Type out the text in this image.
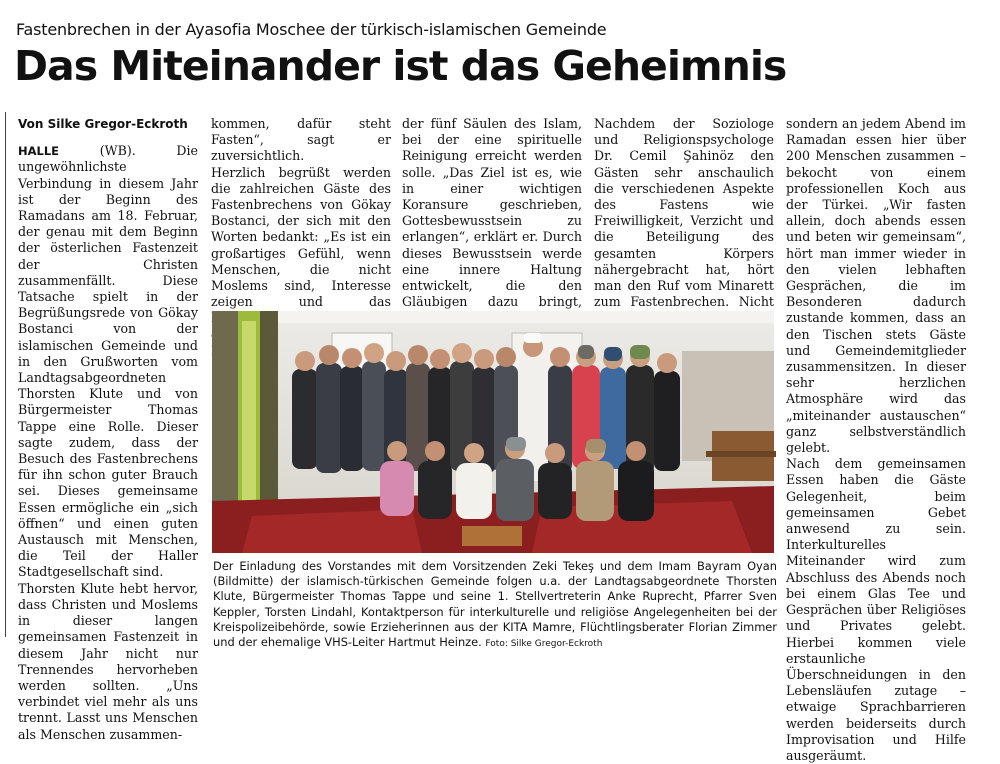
Fastenbrechen in der Ayasofia Moschee der türkisch-islamischen Gemeinde
Das Miteinander ist das Geheimnis

Von Silke Gregor-Eckroth

HALLE	(WB). Die ungewöhnlichste Verbindung in diesem Jahr ist der Beginn des Ramadans am 18. Februar, der genau mit dem Beginn der österlichen Fastenzeit der Christen zusammenfällt. Diese Tatsache spielt in der Begrüßungsrede von Gökay Bostanci von der islamischen Gemeinde und in den Grußworten vom Landtagsabgeordneten Thorsten Klute und von Bürgermeister Thomas Tappe eine Rolle. Dieser sagte zudem, dass der Besuch des Fastenbrechens für ihn schon guter Brauch sei. Dieses gemeinsame Essen ermögliche ein „sich öffnen“ und einen guten Austausch mit Menschen, die Teil der Haller Stadtgesellschaft sind.

Thorsten Klute hebt hervor, dass Christen und Moslems in dieser langen gemeinsamen Fastenzeit in diesem Jahr nicht nur Trennendes hervorheben werden sollten. „Uns verbindet viel mehr als uns trennt. Lasst uns Menschen als Menschen zusammen-

kommen, dafür steht Fasten“, sagt er zuversichtlich.

Herzlich begrüßt werden die zahlreichen Gäste des Fastenbrechens von Gökay Bostanci, der sich mit den Worten bedankt: „Es ist ein großartiges Gefühl, wenn Menschen, die nicht Moslems sind, Interesse zeigen und das

der fünf Säulen des Islam, bei der eine spirituelle Reinigung erreicht werden solle. „Das Ziel ist es, wie in einer wichtigen Koransure geschrieben, Gottesbewusstsein zu erlangen“, erklärt er. Durch dieses Bewusstsein werde eine innere Haltung entwickelt, die den Gläubigen dazu bringt,

Nachdem der Soziologe und Religionspsychologe Dr. Cemil Şahinöz den Gästen sehr anschaulich die verschiedenen Aspekte des Fastens wie Freiwilligkeit, Verzicht und die Beteiligung des gesamten Körpers nähergebracht hat, hört man den Ruf vom Minarett zum Fastenbrechen. Nicht

sondern an jedem Abend im Ramadan essen hier über 200 Menschen zusammen – bekocht von einem professionellen Koch aus der Türkei. „Wir fasten allein, doch abends essen und beten wir gemeinsam“, hört man immer wieder in den vielen lebhaften Gesprächen, die im Besonderen dadurch zustande kommen, dass an den Tischen stets Gäste und Gemeindemitglieder zusammensitzen. In dieser sehr herzlichen Atmosphäre wird das „miteinander austauschen“ ganz selbstverständlich gelebt.

Nach dem gemeinsamen Essen haben die Gäste Gelegenheit, beim gemeinsamen Gebet anwesend zu sein. Interkulturelles Miteinander wird zum Abschluss des Abends noch bei einem Glas Tee und Gesprächen über Religiöses und Privates gelebt. Hierbei kommen viele erstaunliche Überschneidungen in den Lebensläufen zutage – etwaige Sprachbarrieren werden beiderseits durch Improvisation und Hilfe ausgeräumt.

Der Einladung des Vorstandes mit dem Vorsitzenden Zeki Tekeş und dem Imam Bayram Oyan (Bildmitte) der islamisch-türkischen Gemeinde folgen u.a. der Landtagsabgeordnete Thorsten Klute, Bürgermeister Thomas Tappe und seine 1. Stellvertreterin Anke Ruprecht, Pfarrer Sven Keppler, Torsten Lindahl, Kontaktperson für interkulturelle und religiöse Angelegenheiten bei der Kreispolizeibehörde, sowie Erzieherinnen aus der KITA Mamre, Flüchtlingsberater Florian Zimmer und der ehemalige VHS-Leiter Hartmut Heinze. Foto: Silke Gregor-Eckroth
